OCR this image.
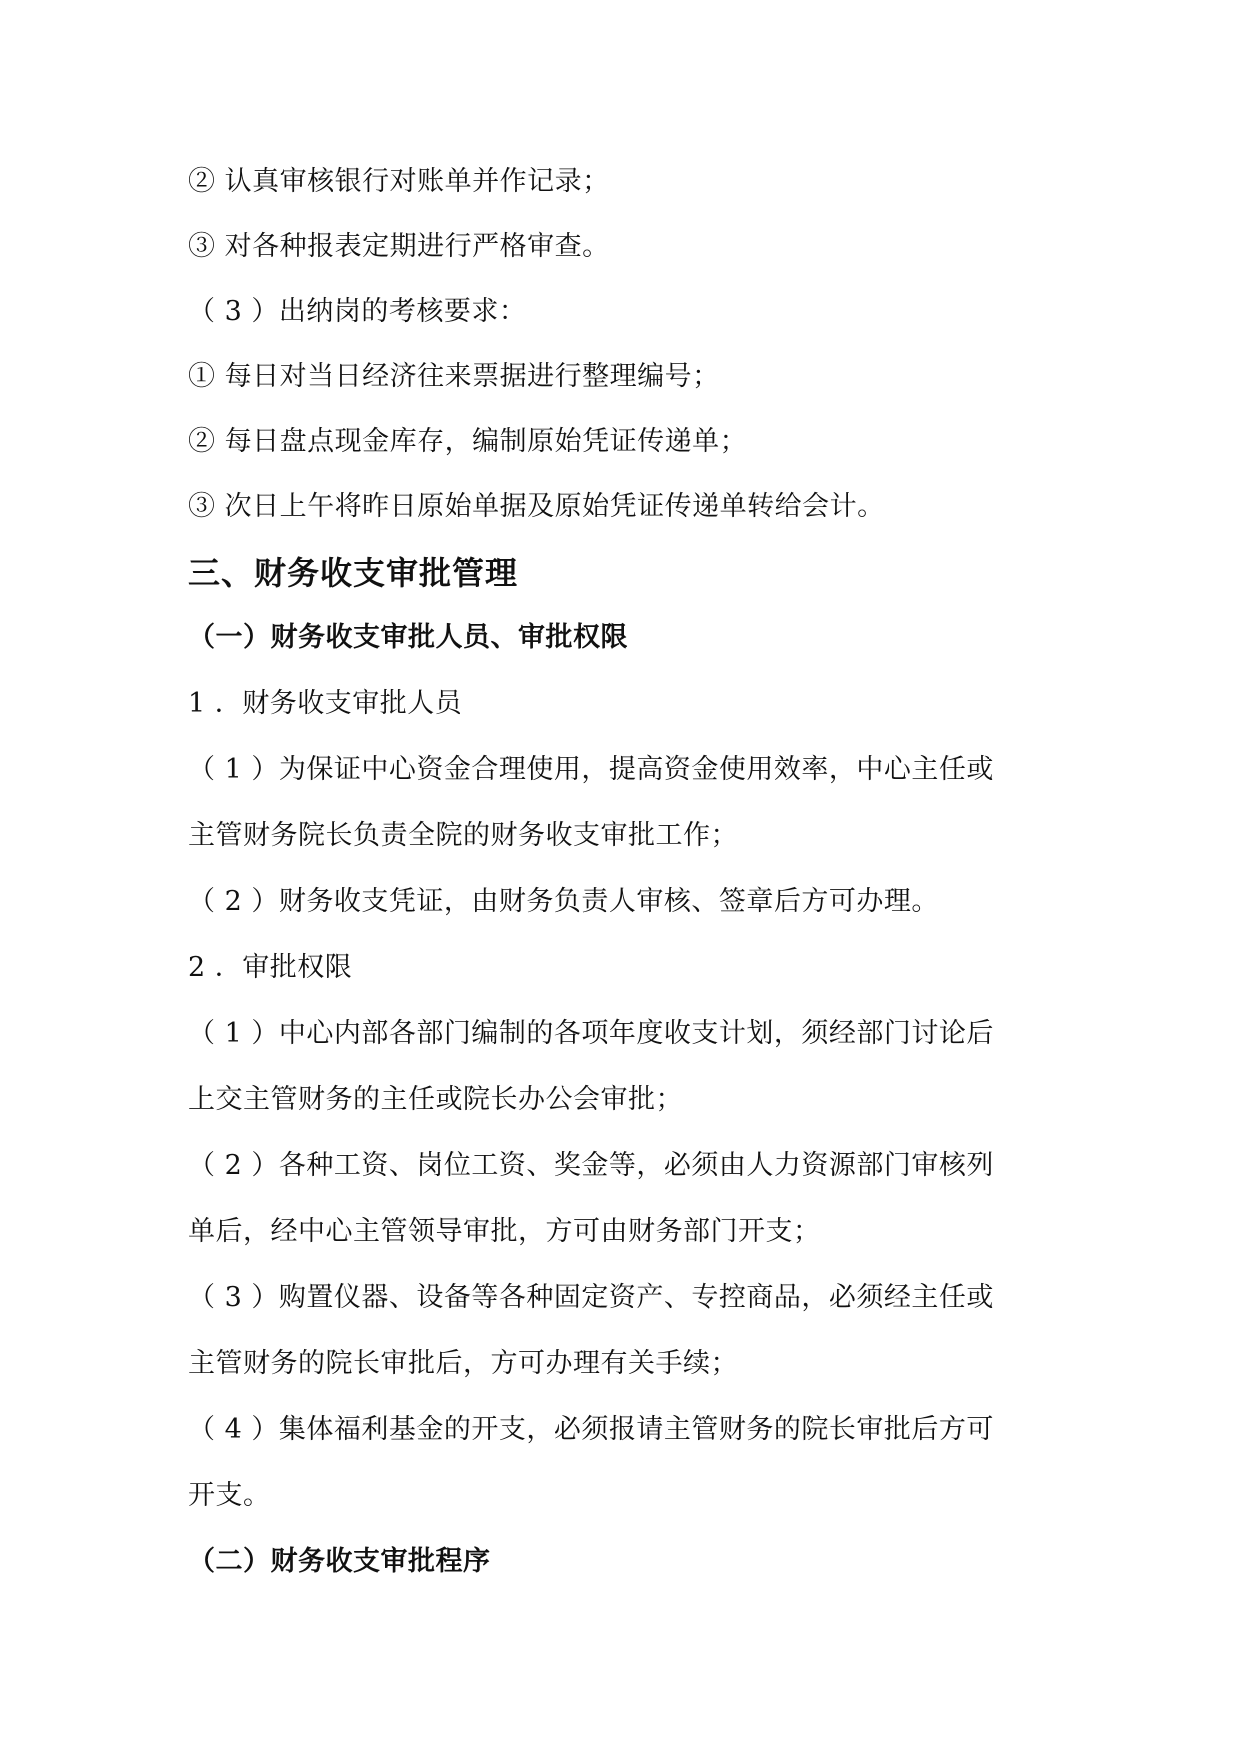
② 认真审核银行对账单并作记录；
③ 对各种报表定期进行严格审查。
（ 3 ）出纳岗的考核要求：
① 每日对当日经济往来票据进行整理编号；
② 每日盘点现金库存，编制原始凭证传递单；
③ 次日上午将昨日原始单据及原始凭证传递单转给会计。
三、财务收支审批管理
（一）财务收支审批人员、审批权限
1 ．财务收支审批人员
（ 1 ）为保证中心资金合理使用，提高资金使用效率，中心主任或
主管财务院长负责全院的财务收支审批工作；
（ 2 ）财务收支凭证，由财务负责人审核、签章后方可办理。
2 ．审批权限
（ 1 ）中心内部各部门编制的各项年度收支计划，须经部门讨论后
上交主管财务的主任或院长办公会审批；
（ 2 ）各种工资、岗位工资、奖金等，必须由人力资源部门审核列
单后，经中心主管领导审批，方可由财务部门开支；
（ 3 ）购置仪器、设备等各种固定资产、专控商品，必须经主任或
主管财务的院长审批后，方可办理有关手续；
（ 4 ）集体福利基金的开支，必须报请主管财务的院长审批后方可
开支。
（二）财务收支审批程序
